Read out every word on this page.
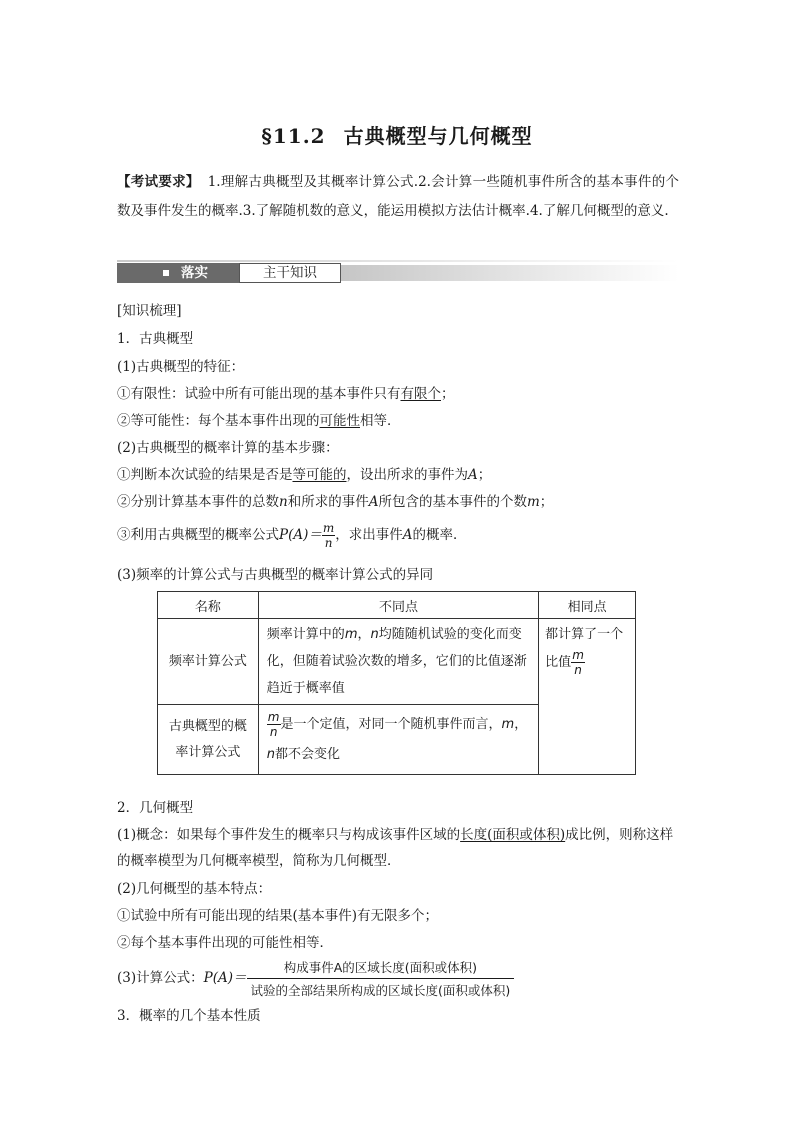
§11.2 古典概型与几何概型
【考试要求】 1.理解古典概型及其概率计算公式.2.会计算一些随机事件所含的基本事件的个数及事件发生的概率.3.了解随机数的意义，能运用模拟方法估计概率.4.了解几何概型的意义.
落实	主干知识
[知识梳理]
1．古典概型
(1)古典概型的特征：
①有限性：试验中所有可能出现的基本事件只有有限个；
②等可能性：每个基本事件出现的可能性相等．
(2)古典概型的概率计算的基本步骤：
①判断本次试验的结果是否是等可能的，设出所求的事件为A；
②分别计算基本事件的总数n和所求的事件A所包含的基本事件的个数m；
③利用古典概型的概率公式$P(A)= \frac{m}{n}$ ，求出事件A的概率．
(3)频率的计算公式与古典概型的概率计算公式的异同
名称	不同点	相同点
频率计算公式	频率计算中的m，n均随随机试验的变化而变化，但随着试验次数的增多，它们的比值逐渐趋近于概率值	都计算了一个比值 $\frac{m}{n}$

古典概型的概率计算公式	$\frac{m}{n}$ 是一个定值，对同一个随机事件而言，m，n都不会变化	
2．几何概型
(1)概念：如果每个事件发生的概率只与构成该事件区域的长度(面积或体积)成比例，则称这样的概率模型为几何概率模型，简称为几何概型．
(2)几何概型的基本特点：
①试验中所有可能出现的结果(基本事件)有无限多个；
②每个基本事件出现的可能性相等．
(3)计算公式：$P(A)= \frac{\text{构成事件A的区域长度(面积或体积)}}{\text{试验的全部结果所构成的区域长度(面积或体积)}}$
3．概率的几个基本性质
